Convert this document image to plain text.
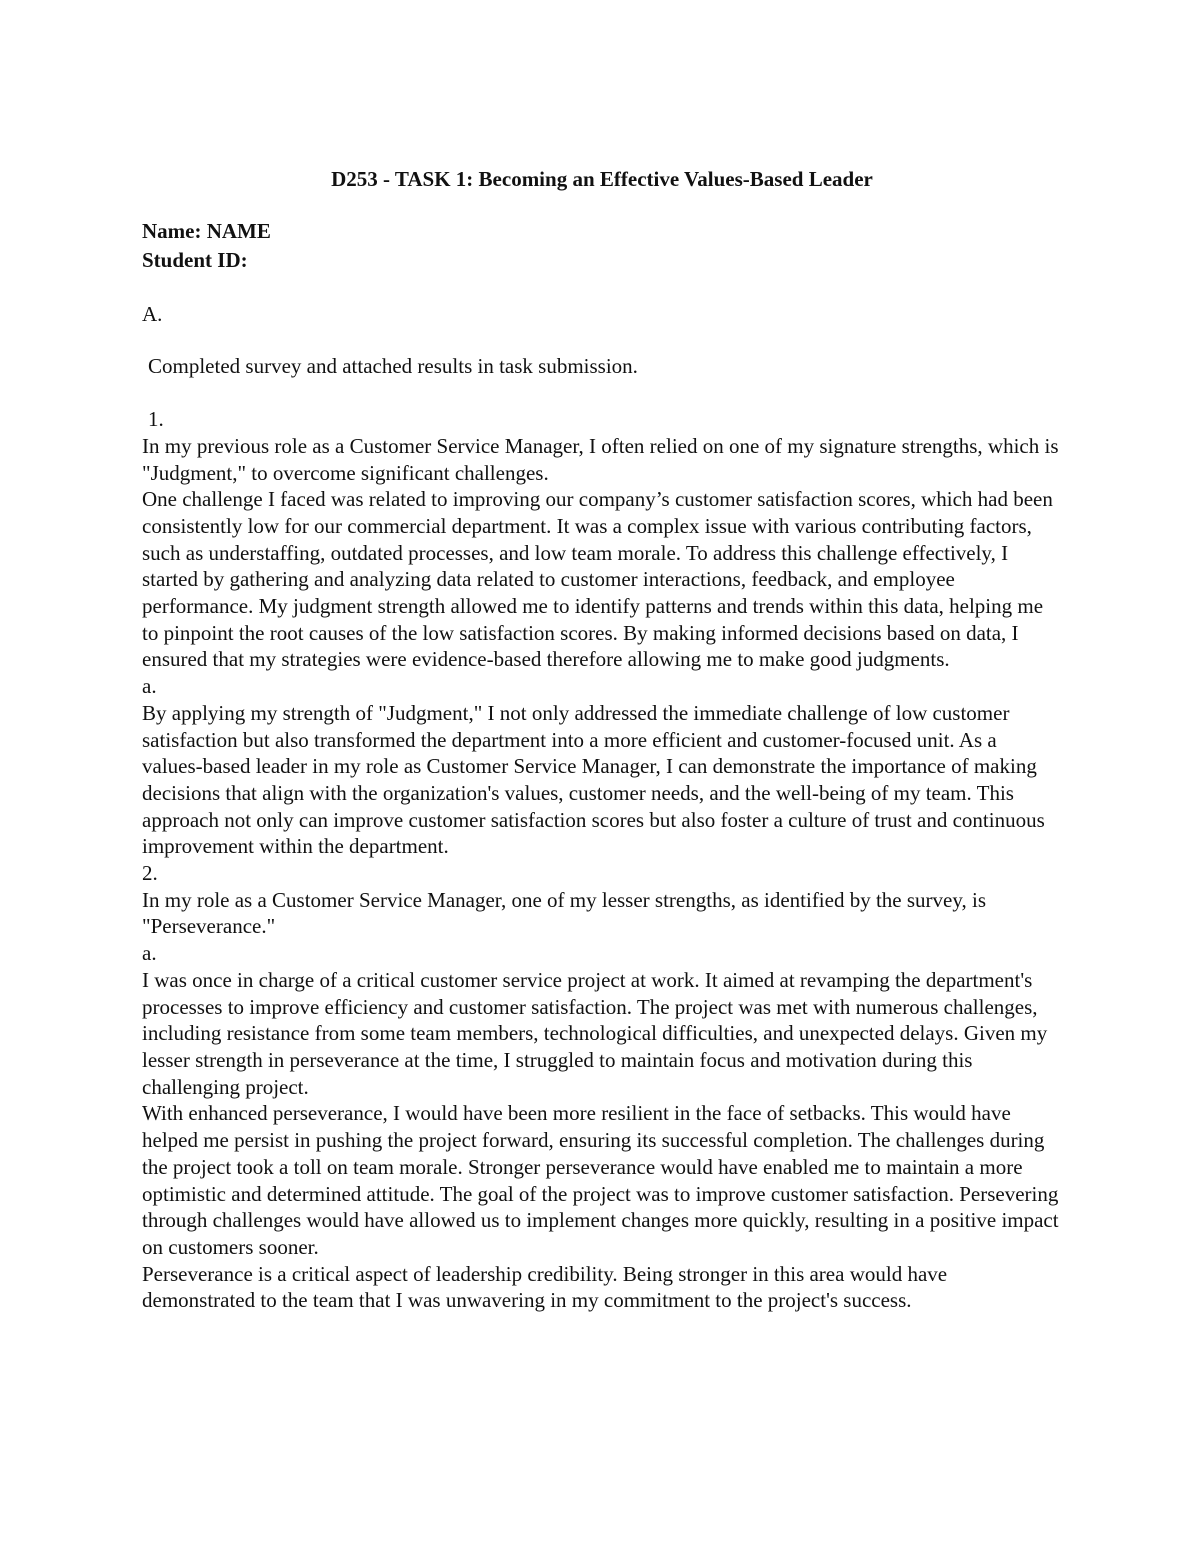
D253 - TASK 1: Becoming an Effective Values-Based Leader

Name: NAME

Student ID:

A.

Completed survey and attached results in task submission.

1.

In my previous role as a Customer Service Manager, I often relied on one of my signature strengths, which is "Judgment," to overcome significant challenges.

One challenge I faced was related to improving our company’s customer satisfaction scores, which had been consistently low for our commercial department. It was a complex issue with various contributing factors, such as understaffing, outdated processes, and low team morale. To address this challenge effectively, I started by gathering and analyzing data related to customer interactions, feedback, and employee performance. My judgment strength allowed me to identify patterns and trends within this data, helping me to pinpoint the root causes of the low satisfaction scores. By making informed decisions based on data, I ensured that my strategies were evidence-based therefore allowing me to make good judgments.

a.

By applying my strength of "Judgment," I not only addressed the immediate challenge of low customer satisfaction but also transformed the department into a more efficient and customer-focused unit. As a values-based leader in my role as Customer Service Manager, I can demonstrate the importance of making decisions that align with the organization's values, customer needs, and the well-being of my team. This approach not only can improve customer satisfaction scores but also foster a culture of trust and continuous improvement within the department.

2.

In my role as a Customer Service Manager, one of my lesser strengths, as identified by the survey, is "Perseverance."

a.

I was once in charge of a critical customer service project at work. It aimed at revamping the department's processes to improve efficiency and customer satisfaction. The project was met with numerous challenges, including resistance from some team members, technological difficulties, and unexpected delays. Given my lesser strength in perseverance at the time, I struggled to maintain focus and motivation during this challenging project.

With enhanced perseverance, I would have been more resilient in the face of setbacks. This would have helped me persist in pushing the project forward, ensuring its successful completion. The challenges during the project took a toll on team morale. Stronger perseverance would have enabled me to maintain a more optimistic and determined attitude. The goal of the project was to improve customer satisfaction. Persevering through challenges would have allowed us to implement changes more quickly, resulting in a positive impact on customers sooner.

Perseverance is a critical aspect of leadership credibility. Being stronger in this area would have demonstrated to the team that I was unwavering in my commitment to the project's success.
